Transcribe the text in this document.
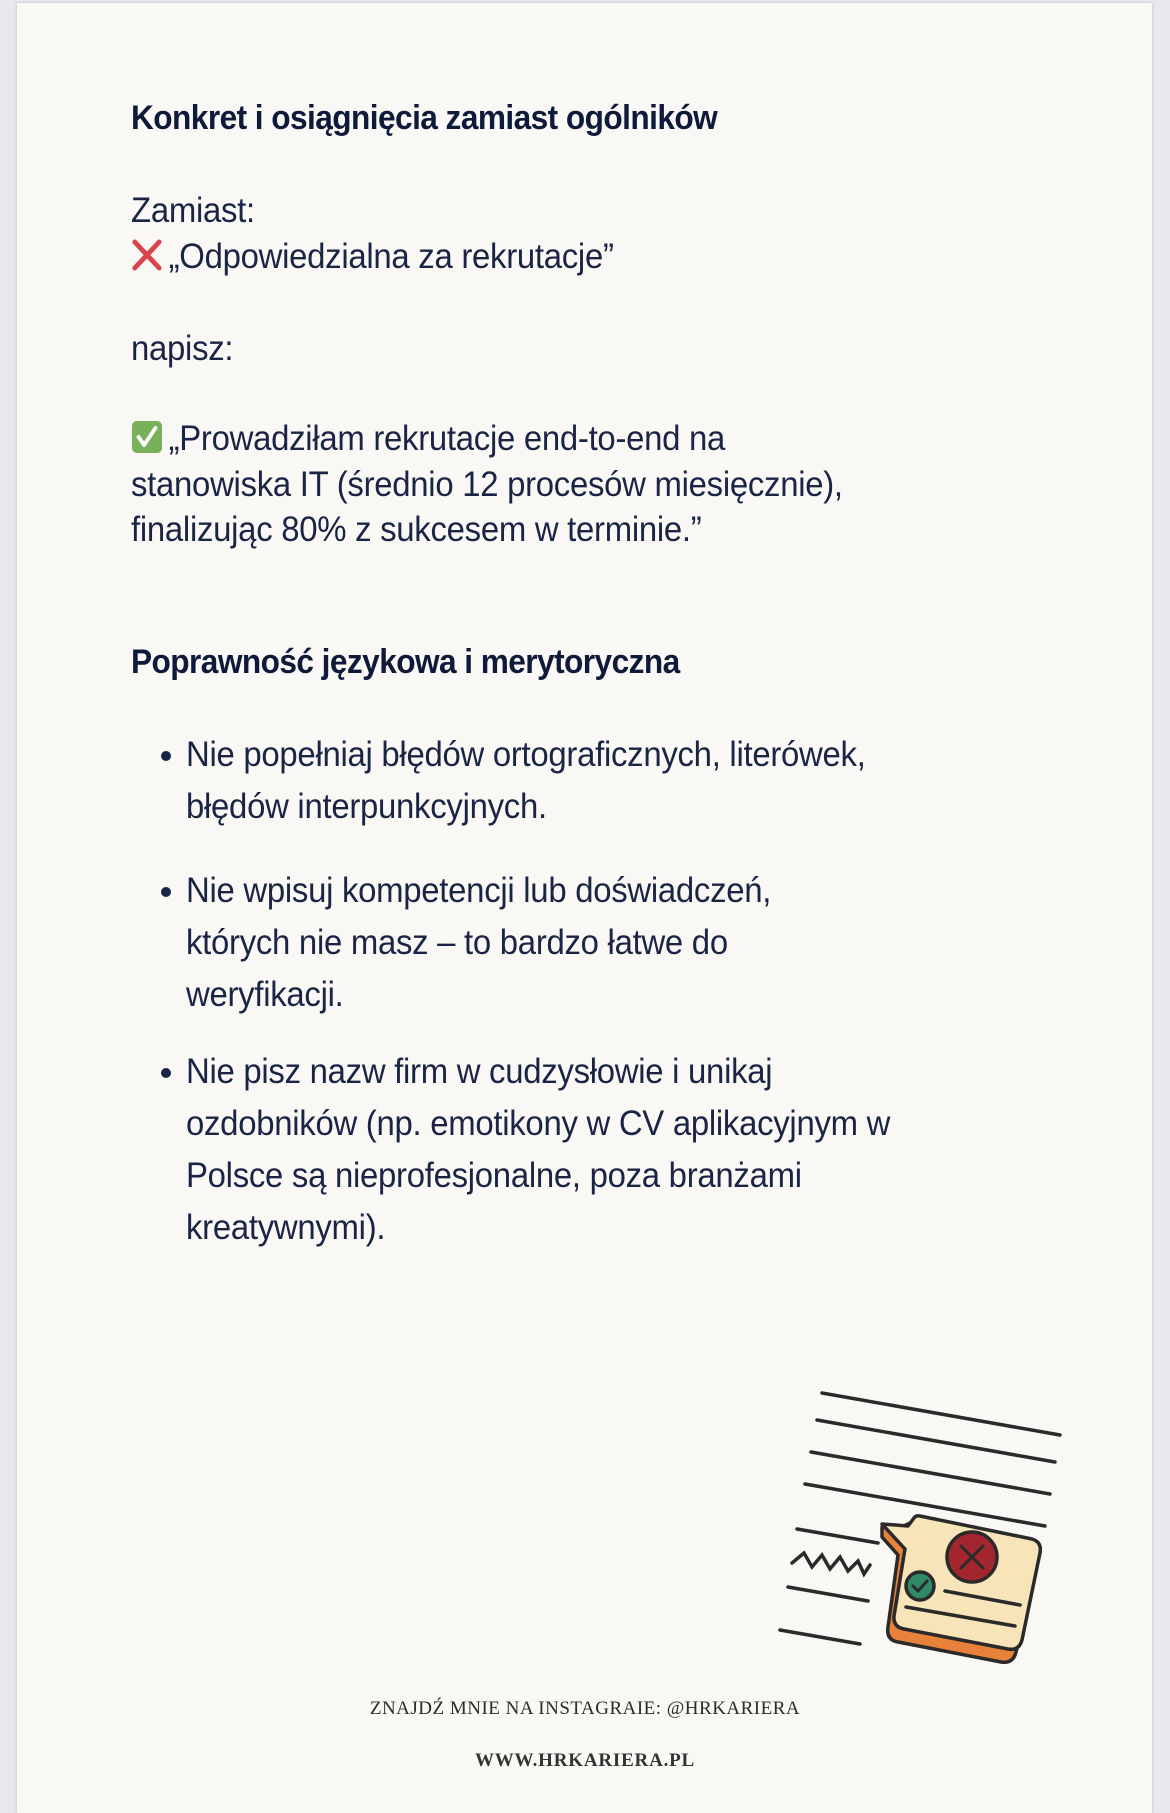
Konkret i osiągnięcia zamiast ogólników
Zamiast:
„Odpowiedzialna za rekrutacje”
napisz:
„Prowadziłam rekrutacje end-to-end na
stanowiska IT (średnio 12 procesów miesięcznie),
finalizując 80% z sukcesem w terminie.”
Poprawność językowa i merytoryczna
Nie popełniaj błędów ortograficznych, literówek,
błędów interpunkcyjnych.
Nie wpisuj kompetencji lub doświadczeń,
których nie masz – to bardzo łatwe do
weryfikacji.
Nie pisz nazw firm w cudzysłowie i unikaj
ozdobników (np. emotikony w CV aplikacyjnym w
Polsce są nieprofesjonalne, poza branżami
kreatywnymi).
ZNAJDŹ MNIE NA INSTAGRAIE: @HRKARIERA
WWW.HRKARIERA.PL
